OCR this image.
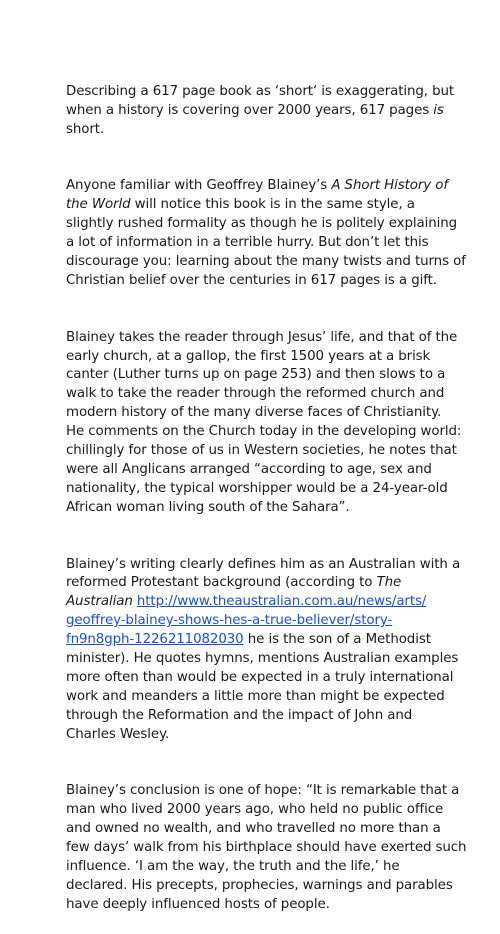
Describing a 617 page book as ‘short‘ is exaggerating, but
when a history is covering over 2000 years, 617 pages is
short.

Anyone familiar with Geoffrey Blainey’s A Short History of
the World will notice this book is in the same style, a
slightly rushed formality as though he is politely explaining
a lot of information in a terrible hurry. But don’t let this
discourage you: learning about the many twists and turns of
Christian belief over the centuries in 617 pages is a gift.

Blainey takes the reader through Jesus’ life, and that of the
early church, at a gallop, the first 1500 years at a brisk
canter (Luther turns up on page 253) and then slows to a
walk to take the reader through the reformed church and
modern history of the many diverse faces of Christianity.
He comments on the Church today in the developing world:
chillingly for those of us in Western societies, he notes that
were all Anglicans arranged “according to age, sex and
nationality, the typical worshipper would be a 24-year-old
African woman living south of the Sahara”.

Blainey’s writing clearly defines him as an Australian with a
reformed Protestant background (according to The
Australian http://www.theaustralian.com.au/news/arts/
geoffrey-blainey-shows-hes-a-true-believer/story-
fn9n8gph-1226211082030 he is the son of a Methodist
minister). He quotes hymns, mentions Australian examples
more often than would be expected in a truly international
work and meanders a little more than might be expected
through the Reformation and the impact of John and
Charles Wesley.

Blainey’s conclusion is one of hope: “It is remarkable that a
man who lived 2000 years ago, who held no public office
and owned no wealth, and who travelled no more than a
few days’ walk from his birthplace should have exerted such
influence. ‘I am the way, the truth and the life,’ he
declared. His precepts, prophecies, warnings and parables
have deeply influenced hosts of people.
